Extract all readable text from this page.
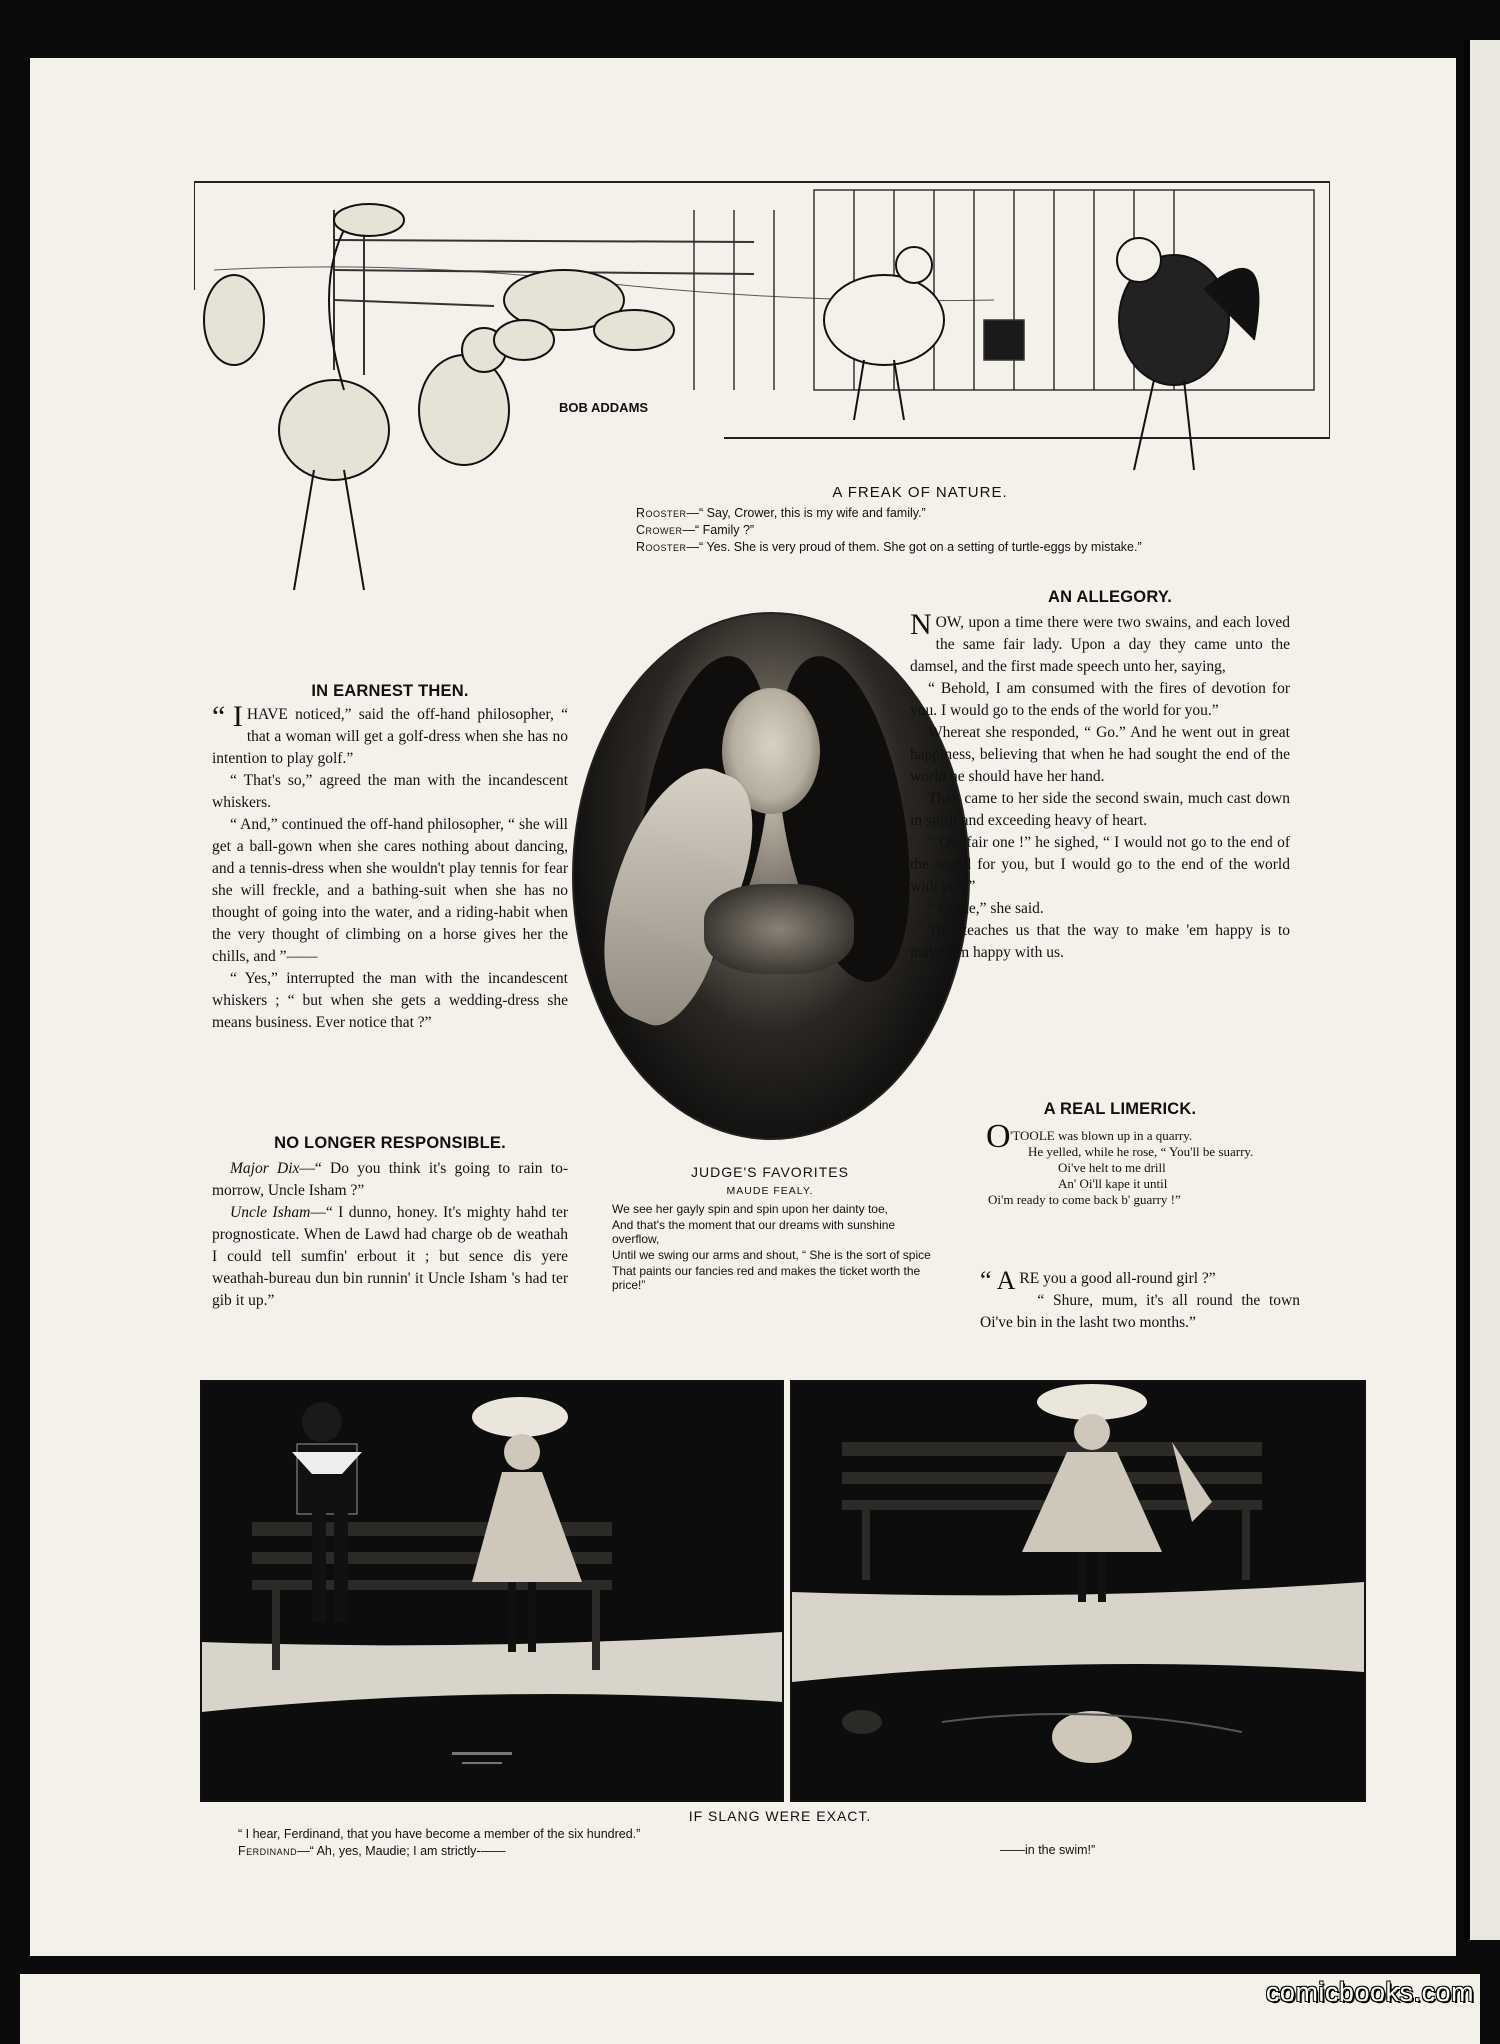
BOB ADDAMS
A FREAK OF NATURE.
Rooster—“ Say, Crower, this is my wife and family.”
Crower—“ Family ?”
Rooster—“ Yes. She is very proud of them. She got on a setting of turtle-eggs by mistake.”
IN EARNEST THEN.

“ I HAVE noticed,” said the off-hand philosopher, “ that a woman will get a golf-dress when she has no intention to play golf.”

“ That's so,” agreed the man with the incandescent whiskers.

“ And,” continued the off-hand philosopher, “ she will get a ball-gown when she cares nothing about dancing, and a tennis-dress when she wouldn't play tennis for fear she will freckle, and a bathing-suit when she has no thought of going into the water, and a riding-habit when the very thought of climbing on a horse gives her the chills, and ”——

“ Yes,” interrupted the man with the incandescent whiskers ; “ but when she gets a wedding-dress she means business. Ever notice that ?”

NO LONGER RESPONSIBLE.

Major Dix—“ Do you think it's going to rain to-morrow, Uncle Isham ?”

Uncle Isham—“ I dunno, honey. It's mighty hahd ter prognosticate. When de Lawd had charge ob de weathah I could tell sumfin' erbout it ; but sence dis yere weathah-bureau dun bin runnin' it Uncle Isham 's had ter gib it up.”

JUDGE'S FAVORITES
MAUDE FEALY.
We see her gayly spin and spin upon her dainty toe,
And that's the moment that our dreams with sunshine overflow,
Until we swing our arms and shout, “ She is the sort of spice
That paints our fancies red and makes the ticket worth the price!”
AN ALLEGORY.

NOW, upon a time there were two swains, and each loved the same fair lady. Upon a day they came unto the damsel, and the first made speech unto her, saying,

“ Behold, I am consumed with the fires of devotion for you. I would go to the ends of the world for you.”

Whereat she responded, “ Go.” And he went out in great happiness, believing that when he had sought the end of the world he should have her hand.

Then came to her side the second swain, much cast down in spirit and exceeding heavy of heart.

“ Oh, fair one !” he sighed, “ I would not go to the end of the world for you, but I would go to the end of the world with you.”

“ Come,” she said.

This teaches us that the way to make 'em happy is to make 'em happy with us.

A REAL LIMERICK.
O 'TOOLE was blown up in a quarry.
He yelled, while he rose, “ You'll be suarry.
Oi've helt to me drill
An' Oi'll kape it until
Oi'm ready to come back b' guarry !”

“ A RE you a good all-round girl ?”

“ Shure, mum, it's all round the town Oi've bin in the lasht two months.”

IF SLANG WERE EXACT.
“ I hear, Ferdinand, that you have become a member of the six hundred.”
Ferdinand—“ Ah, yes, Maudie; I am strictly-——	——in the swim!”
comicbooks.com
